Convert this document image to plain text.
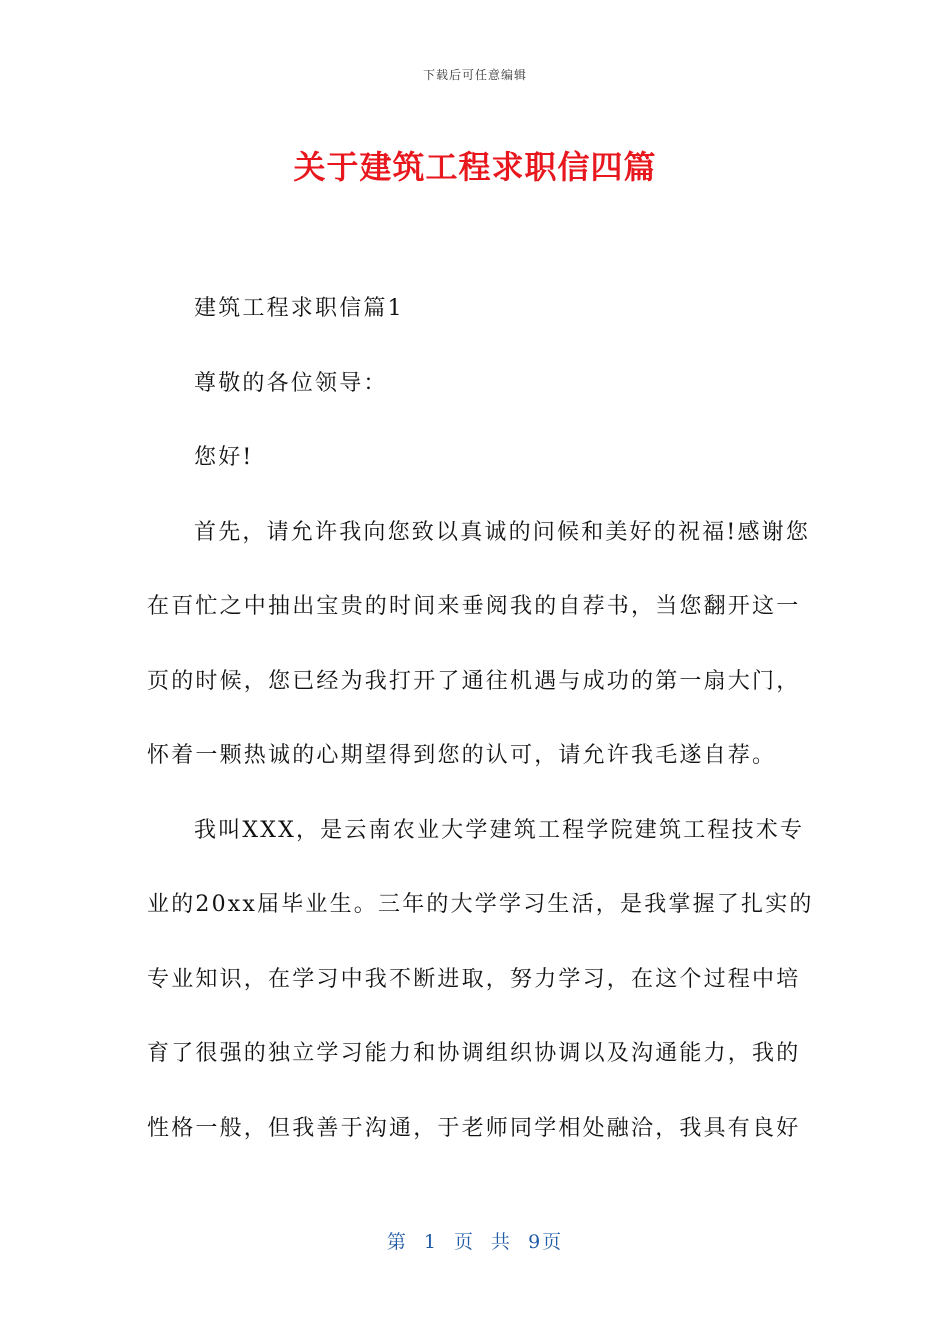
下载后可任意编辑
关于建筑工程求职信四篇
建筑工程求职信篇1
尊敬的各位领导：
您好!
首先，请允许我向您致以真诚的问候和美好的祝福!感谢您
在百忙之中抽出宝贵的时间来垂阅我的自荐书，当您翻开这一
页的时候，您已经为我打开了通往机遇与成功的第一扇大门，
怀着一颗热诚的心期望得到您的认可，请允许我毛遂自荐。
我叫XXX，是云南农业大学建筑工程学院建筑工程技术专
业的20xx届毕业生。三年的大学学习生活，是我掌握了扎实的
专业知识，在学习中我不断进取，努力学习，在这个过程中培
育了很强的独立学习能力和协调组织协调以及沟通能力，我的
性格一般，但我善于沟通，于老师同学相处融洽，我具有良好
第 1 页 共 9页
